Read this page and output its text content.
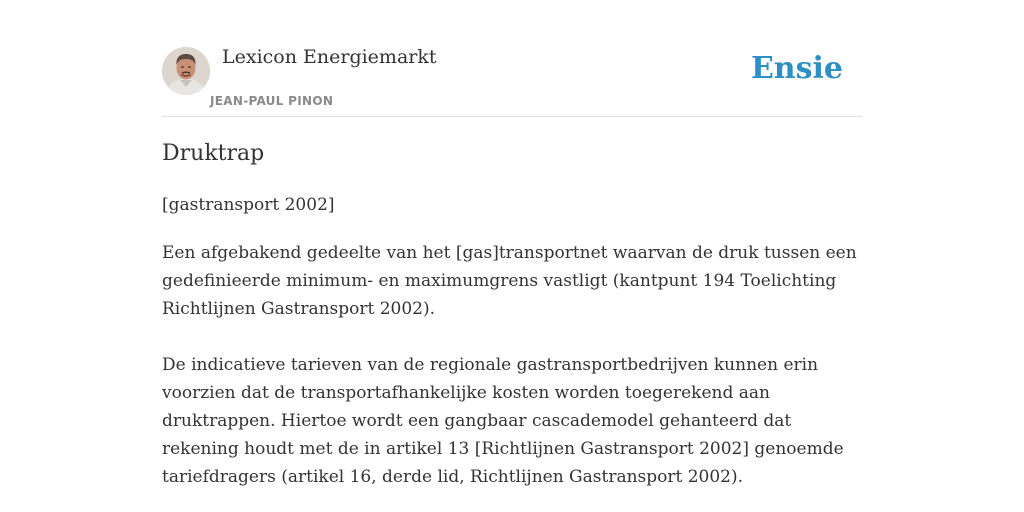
Lexicon Energiemarkt
JEAN-PAUL PINON
Ensie
Druktrap
[gastransport 2002]

Een afgebakend gedeelte van het [gas]transportnet waarvan de druk tussen een gedefinieerde minimum- en maximumgrens vastligt (kantpunt 194 Toelichting Richtlijnen Gastransport 2002).

De indicatieve tarieven van de regionale gastransportbedrijven kunnen erin voorzien dat de transportafhankelijke kosten worden toegerekend aan druktrappen. Hiertoe wordt een gangbaar cascademodel gehanteerd dat rekening houdt met de in artikel 13 [Richtlijnen Gastransport 2002] genoemde tariefdragers (artikel 16, derde lid, Richtlijnen Gastransport 2002).
